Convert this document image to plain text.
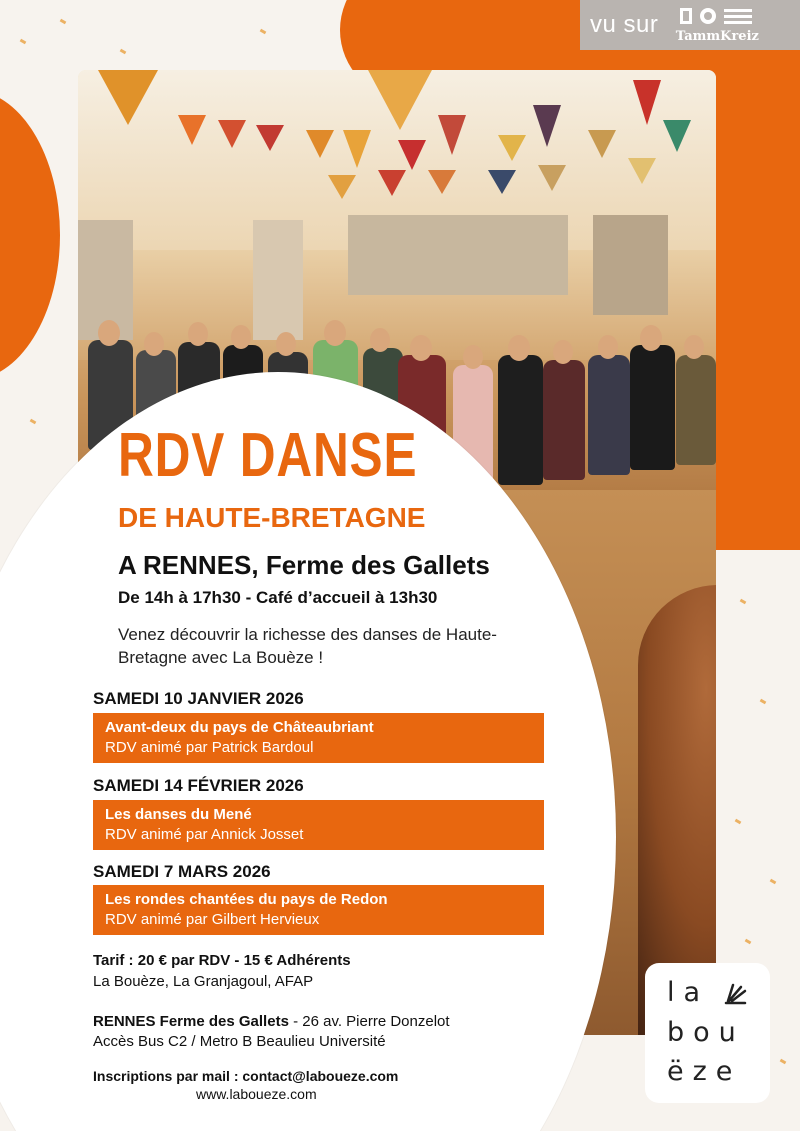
vu sur TammKreiz
RDV DANSE
DE HAUTE-BRETAGNE
A RENNES, Ferme des Gallets
De 14h à 17h30 - Café d’accueil à 13h30
Venez découvrir la richesse des danses de Haute-Bretagne avec La Bouèze !
SAMEDI 10 JANVIER 2026
Avant-deux du pays de Châteaubriant
RDV animé par Patrick Bardoul
SAMEDI 14 FÉVRIER 2026
Les danses du Mené
RDV animé par Annick Josset
SAMEDI 7 MARS 2026
Les rondes chantées du pays de Redon
RDV animé par Gilbert Hervieux
Tarif : 20 € par RDV - 15 € Adhérents
La Bouèze, La Granjagoul, AFAP
RENNES Ferme des Gallets - 26 av. Pierre Donzelot
Accès Bus C2 / Metro B Beaulieu Université
Inscriptions par mail : contact@laboueze.com
www.laboueze.com
la
bou
ëze
